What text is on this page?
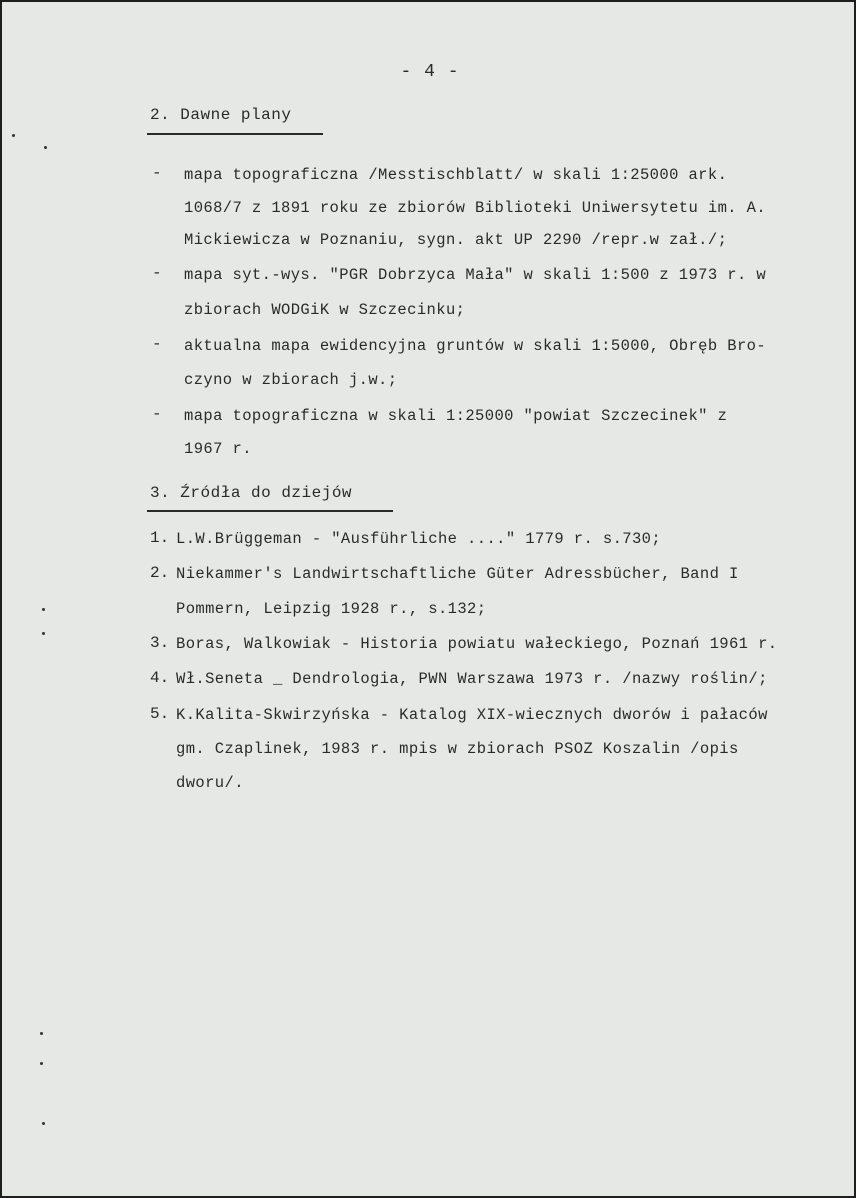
- 4 -
2. Dawne plany
- mapa topograficzna /Messtischblatt/ w skali 1:25000 ark.
1068/7 z 1891 roku ze zbiorów Biblioteki Uniwersytetu im. A.
Mickiewicza w Poznaniu, sygn. akt UP 2290 /repr.w zał./;
- mapa syt.-wys. "PGR Dobrzyca Mała" w skali 1:500 z 1973 r. w
zbiorach WODGiK w Szczecinku;
- aktualna mapa ewidencyjna gruntów w skali 1:5000, Obręb Bro-
czyno w zbiorach j.w.;
- mapa topograficzna w skali 1:25000 "powiat Szczecinek" z
1967 r.
3. Źródła do dziejów
1. L.W.Brüggeman - "Ausführliche ...." 1779 r. s.730;
2. Niekammer's Landwirtschaftliche Güter Adressbücher, Band I
Pommern, Leipzig 1928 r., s.132;
3. Boras, Walkowiak - Historia powiatu wałeckiego, Poznań 1961 r.
4. Wł.Seneta _ Dendrologia, PWN Warszawa 1973 r. /nazwy roślin/;
5. K.Kalita-Skwirzyńska - Katalog XIX-wiecznych dworów i pałaców
gm. Czaplinek, 1983 r. mpis w zbiorach PSOZ Koszalin /opis
dworu/.
